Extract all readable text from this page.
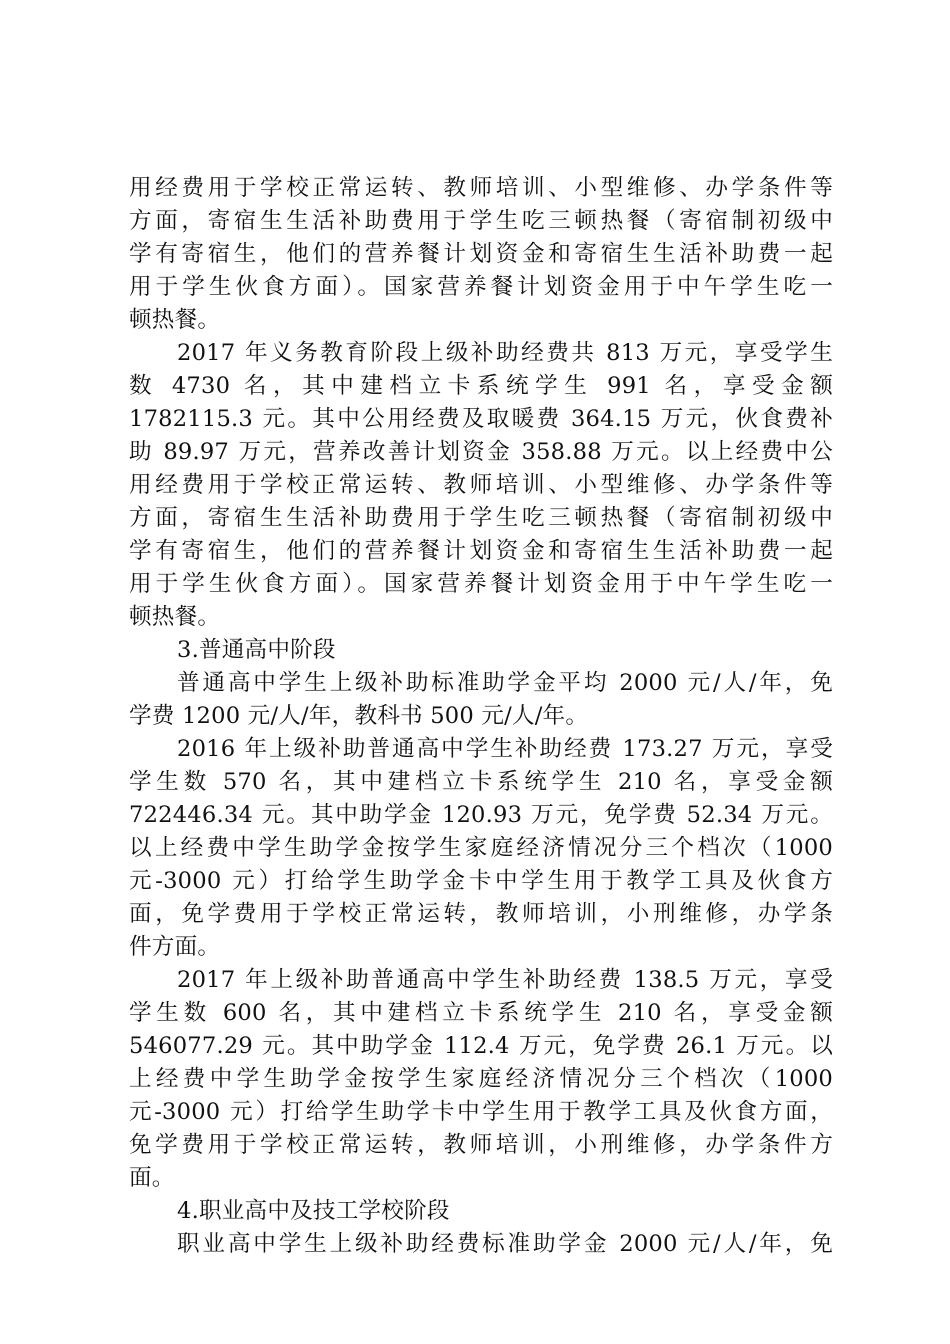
用经费用于学校正常运转、教师培训、小型维修、办学条件等
方面，寄宿生生活补助费用于学生吃三顿热餐（寄宿制初级中
学有寄宿生，他们的营养餐计划资金和寄宿生生活补助费一起
用于学生伙食方面）。国家营养餐计划资金用于中午学生吃一
顿热餐。
2017 年义务教育阶段上级补助经费共 813 万元，享受学生
数 4730 名，其中建档立卡系统学生 991 名，享受金额
1782115.3 元。其中公用经费及取暖费 364.15 万元，伙食费补
助 89.97 万元，营养改善计划资金 358.88 万元。以上经费中公
用经费用于学校正常运转、教师培训、小型维修、办学条件等
方面，寄宿生生活补助费用于学生吃三顿热餐（寄宿制初级中
学有寄宿生，他们的营养餐计划资金和寄宿生生活补助费一起
用于学生伙食方面）。国家营养餐计划资金用于中午学生吃一
顿热餐。
3.普通高中阶段
普通高中学生上级补助标准助学金平均 2000 元/人/年，免
学费 1200 元/人/年，教科书 500 元/人/年。
2016 年上级补助普通高中学生补助经费 173.27 万元，享受
学生数 570 名，其中建档立卡系统学生 210 名，享受金额
722446.34 元。其中助学金 120.93 万元，免学费 52.34 万元。
以上经费中学生助学金按学生家庭经济情况分三个档次（1000
元-3000 元）打给学生助学金卡中学生用于教学工具及伙食方
面，免学费用于学校正常运转，教师培训，小刑维修，办学条
件方面。
2017 年上级补助普通高中学生补助经费 138.5 万元，享受
学生数 600 名，其中建档立卡系统学生 210 名，享受金额
546077.29 元。其中助学金 112.4 万元，免学费 26.1 万元。以
上经费中学生助学金按学生家庭经济情况分三个档次（1000
元-3000 元）打给学生助学卡中学生用于教学工具及伙食方面，
免学费用于学校正常运转，教师培训，小刑维修，办学条件方
面。
4.职业高中及技工学校阶段
职业高中学生上级补助经费标准助学金 2000 元/人/年，免
